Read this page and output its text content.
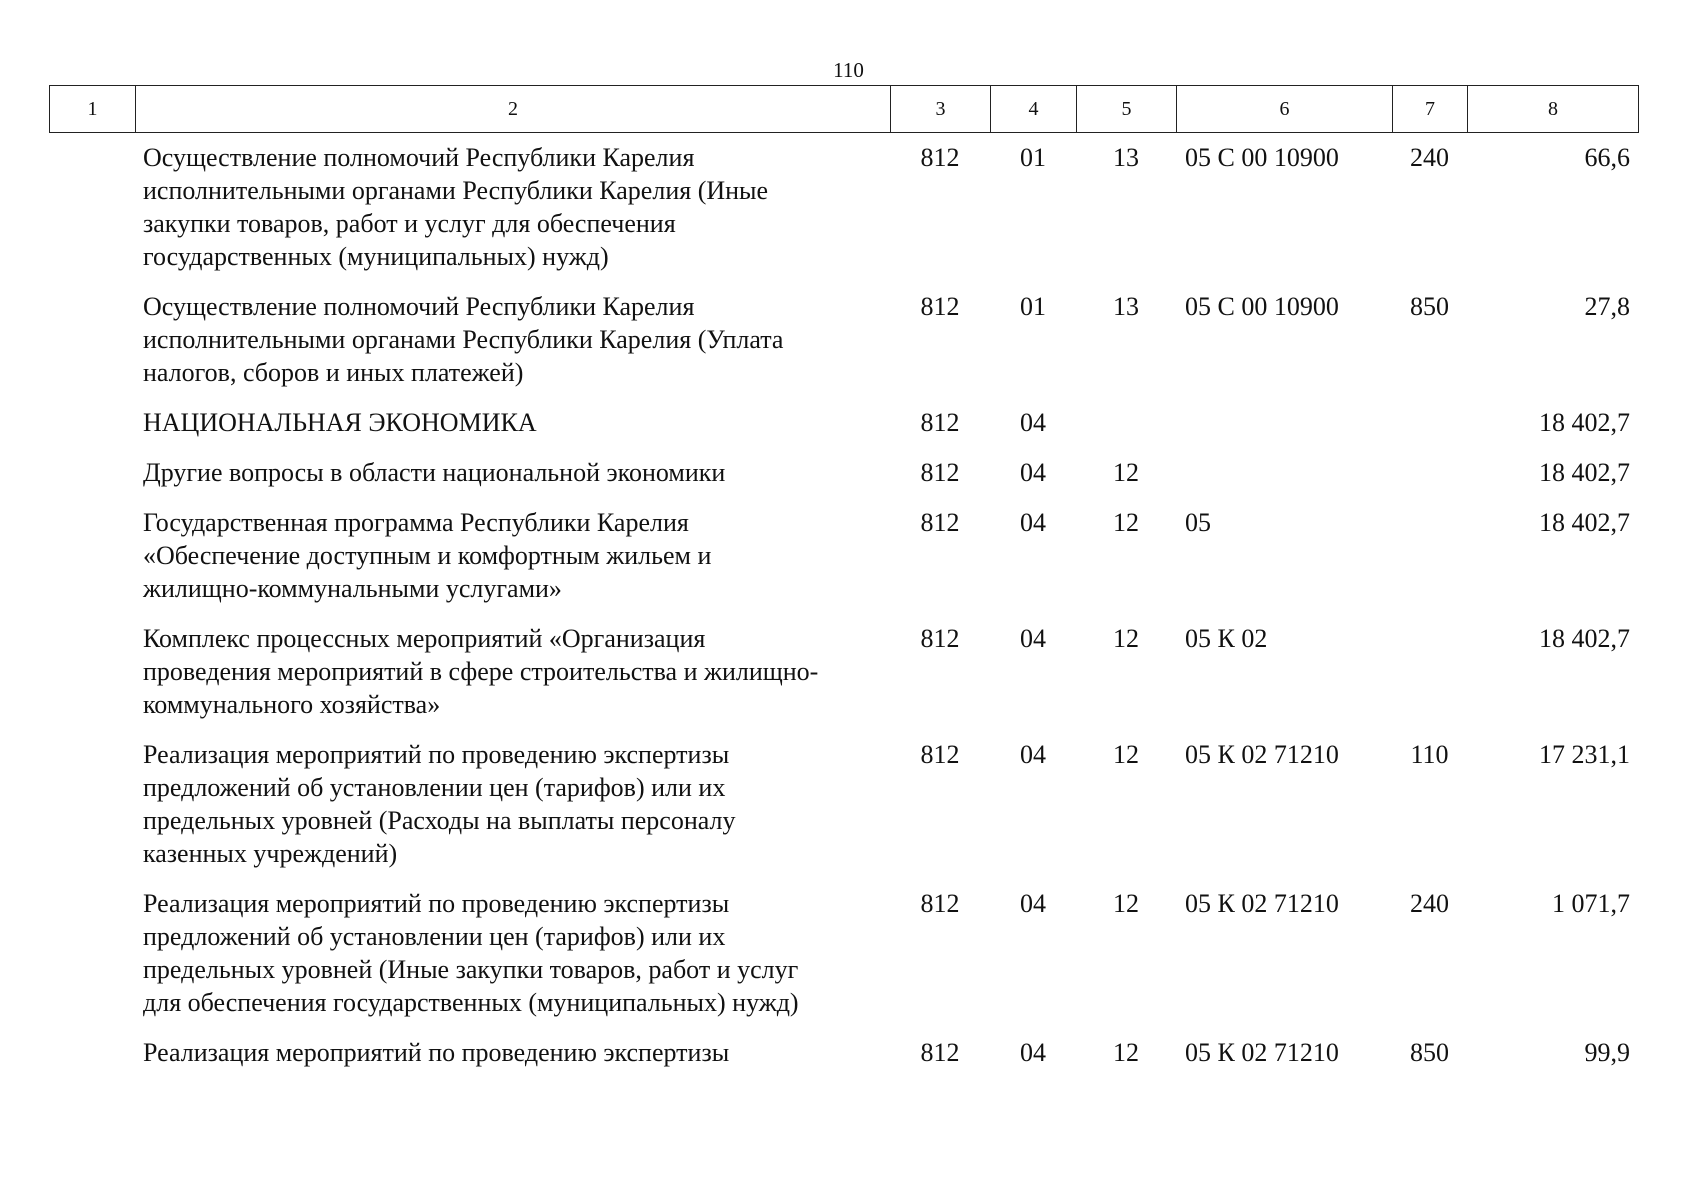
110
1	2	3	4	5	6	7	8
Осуществление полномочий Республики Карелия
исполнительными органами Республики Карелия (Иные
закупки товаров, работ и услуг для обеспечения
государственных (муниципальных) нужд)	812	01	13	05 С 00 10900	240	66,6

Осуществление полномочий Республики Карелия
исполнительными органами Республики Карелия (Уплата
налогов, сборов и иных платежей)	812	01	13	05 С 00 10900	850	27,8

НАЦИОНАЛЬНАЯ ЭКОНОМИКА	812	04				18 402,7

Другие вопросы в области национальной экономики	812	04	12			18 402,7

Государственная программа Республики Карелия
«Обеспечение доступным и комфортным жильем и
жилищно-коммунальными услугами»	812	04	12	05		18 402,7

Комплекс процессных мероприятий «Организация
проведения мероприятий в сфере строительства и жилищно-
коммунального хозяйства»	812	04	12	05 К 02		18 402,7

Реализация мероприятий по проведению экспертизы
предложений об установлении цен (тарифов) или их
предельных уровней (Расходы на выплаты персоналу
казенных учреждений)	812	04	12	05 К 02 71210	110	17 231,1

Реализация мероприятий по проведению экспертизы
предложений об установлении цен (тарифов) или их
предельных уровней (Иные закупки товаров, работ и услуг
для обеспечения государственных (муниципальных) нужд)	812	04	12	05 К 02 71210	240	1 071,7

Реализация мероприятий по проведению экспертизы	812	04	12	05 К 02 71210	850	99,9
